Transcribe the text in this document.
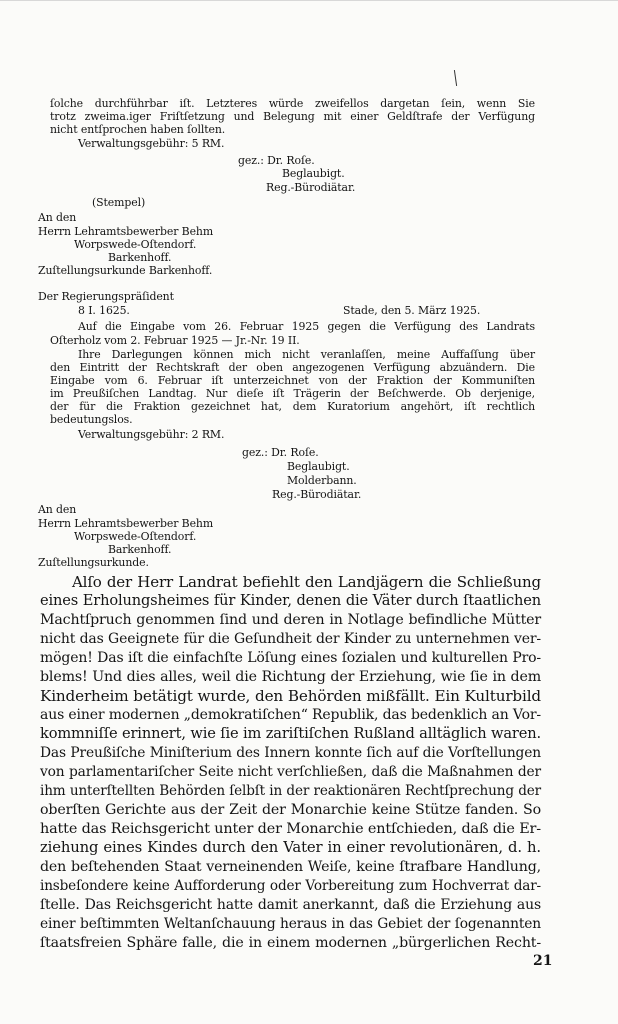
ſolche durchführbar iſt. Letzteres würde zweifellos dargetan ſein, wenn Sie
trotz zweima.iger Friſtſetzung und Belegung mit einer Geldſtrafe der Verfügung
nicht entſprochen haben ſollten.
Verwaltungsgebühr: 5 RM.
gez.: Dr. Roſe.
Beglaubigt.
Reg.-Bürodiätar.
(Stempel)
An den
Herrn Lehramtsbewerber Behm
Worpswede-Oſtendorf.
Barkenhoff.
Zuſtellungsurkunde Barkenhoff.
Der Regierungspräſident
8 I. 1625.	Stade, den 5. März 1925.
Auf die Eingabe vom 26. Februar 1925 gegen die Verfügung des Landrats
Oſterholz vom 2. Februar 1925 — Jr.-Nr. 19 II.
Ihre Darlegungen können mich nicht veranlaſſen, meine Auffaſſung über
den Eintritt der Rechtskraft der oben angezogenen Verfügung abzuändern. Die
Eingabe vom 6. Februar iſt unterzeichnet von der Fraktion der Kommuniſten
im Preußiſchen Landtag. Nur dieſe iſt Trägerin der Beſchwerde. Ob derjenige,
der für die Fraktion gezeichnet hat, dem Kuratorium angehört, iſt rechtlich
bedeutungslos.
Verwaltungsgebühr: 2 RM.
gez.: Dr. Roſe.
Beglaubigt.
Molderbann.
Reg.-Bürodiätar.
An den
Herrn Lehramtsbewerber Behm
Worpswede-Oſtendorf.
Barkenhoff.
Zuſtellungsurkunde.
Alſo der Herr Landrat befiehlt den Landjägern die Schließung
eines Erholungsheimes für Kinder, denen die Väter durch ſtaatlichen
Machtſpruch genommen ſind und deren in Notlage befindliche Mütter
nicht das Geeignete für die Geſundheit der Kinder zu unternehmen ver-
mögen! Das iſt die einfachſte Löſung eines ſozialen und kulturellen Pro-
blems! Und dies alles, weil die Richtung der Erziehung, wie ſie in dem
Kinderheim betätigt wurde, den Behörden mißfällt. Ein Kulturbild
aus einer modernen „demokratiſchen“ Republik, das bedenklich an Vor-
kommniſſe erinnert, wie ſie im zariſtiſchen Rußland alltäglich waren.
Das Preußiſche Miniſterium des Innern konnte ſich auf die Vorſtellungen
von parlamentariſcher Seite nicht verſchließen, daß die Maßnahmen der
ihm unterſtellten Behörden ſelbſt in der reaktionären Rechtſprechung der
oberſten Gerichte aus der Zeit der Monarchie keine Stütze fanden. So
hatte das Reichsgericht unter der Monarchie entſchieden, daß die Er-
ziehung eines Kindes durch den Vater in einer revolutionären, d. h.
den beſtehenden Staat verneinenden Weiſe, keine ſtrafbare Handlung,
insbeſondere keine Aufforderung oder Vorbereitung zum Hochverrat dar-
ſtelle. Das Reichsgericht hatte damit anerkannt, daß die Erziehung aus
einer beſtimmten Weltanſchauung heraus in das Gebiet der ſogenannten
ſtaatsfreien Sphäre falle, die in einem modernen „bürgerlichen Recht-
21
